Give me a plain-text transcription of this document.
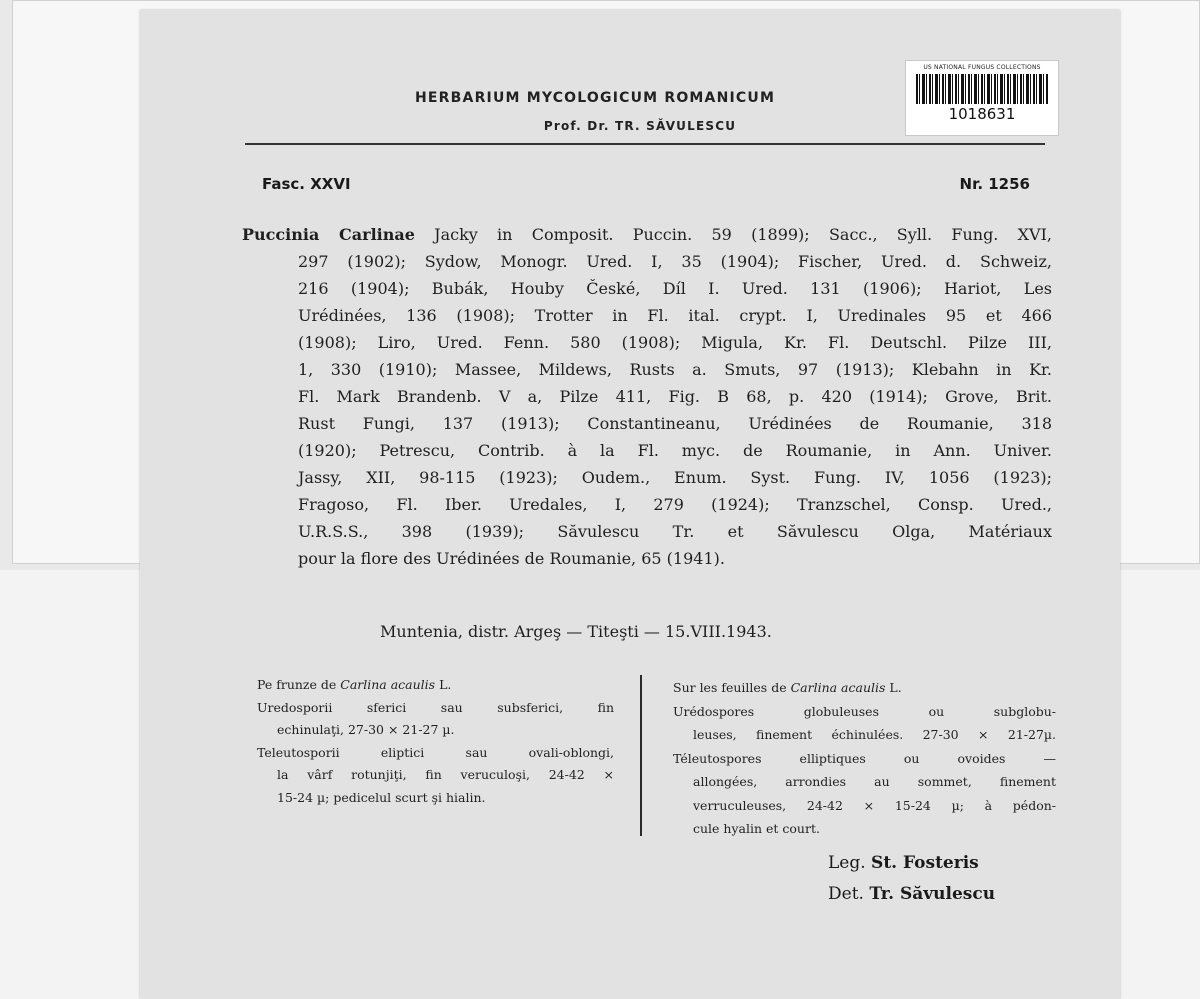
US NATIONAL FUNGUS COLLECTIONS
1018631
HERBARIUM MYCOLOGICUM ROMANICUM
Prof. Dr. TR. SĂVULESCU
Fasc. XXVI	Nr. 1256
Puccinia Carlinae Jacky in Composit. Puccin. 59 (1899); Sacc., Syll. Fung. XVI,
297 (1902); Sydow, Monogr. Ured. I, 35 (1904); Fischer, Ured. d. Schweiz,
216 (1904); Bubák, Houby České, Díl I. Ured. 131 (1906); Hariot, Les
Urédinées, 136 (1908); Trotter in Fl. ital. crypt. I, Uredinales 95 et 466
(1908); Liro, Ured. Fenn. 580 (1908); Migula, Kr. Fl. Deutschl. Pilze III,
1, 330 (1910); Massee, Mildews, Rusts a. Smuts, 97 (1913); Klebahn in Kr.
Fl. Mark Brandenb. V a, Pilze 411, Fig. B 68, p. 420 (1914); Grove, Brit.
Rust Fungi, 137 (1913); Constantineanu, Urédinées de Roumanie, 318
(1920); Petrescu, Contrib. à la Fl. myc. de Roumanie, in Ann. Univer.
Jassy, XII, 98-115 (1923); Oudem., Enum. Syst. Fung. IV, 1056 (1923);
Fragoso, Fl. Iber. Uredales, I, 279 (1924); Tranzschel, Consp. Ured.,
U.R.S.S., 398 (1939); Săvulescu Tr. et Săvulescu Olga, Matériaux
pour la flore des Urédinées de Roumanie, 65 (1941).
Muntenia, distr. Argeş — Titeşti — 15.VIII.1943.
Pe frunze de Carlina acaulis L.
Uredosporii sferici sau subsferici, fin
echinulaţi, 27-30 × 21-27 µ.
Teleutosporii eliptici sau ovali-oblongi,
la vârf rotunjiţi, fin veruculoşi, 24-42 ×
15-24 µ; pedicelul scurt şi hialin.
Sur les feuilles de Carlina acaulis L.
Urédospores globuleuses ou subglobu-
leuses, finement échinulées. 27-30 × 21-27µ.
Téleutospores elliptiques ou ovoides —
allongées, arrondies au sommet, finement
verruculeuses, 24-42 × 15-24 µ; à pédon-
cule hyalin et court.
Leg. St. Fosteris
Det. Tr. Săvulescu
